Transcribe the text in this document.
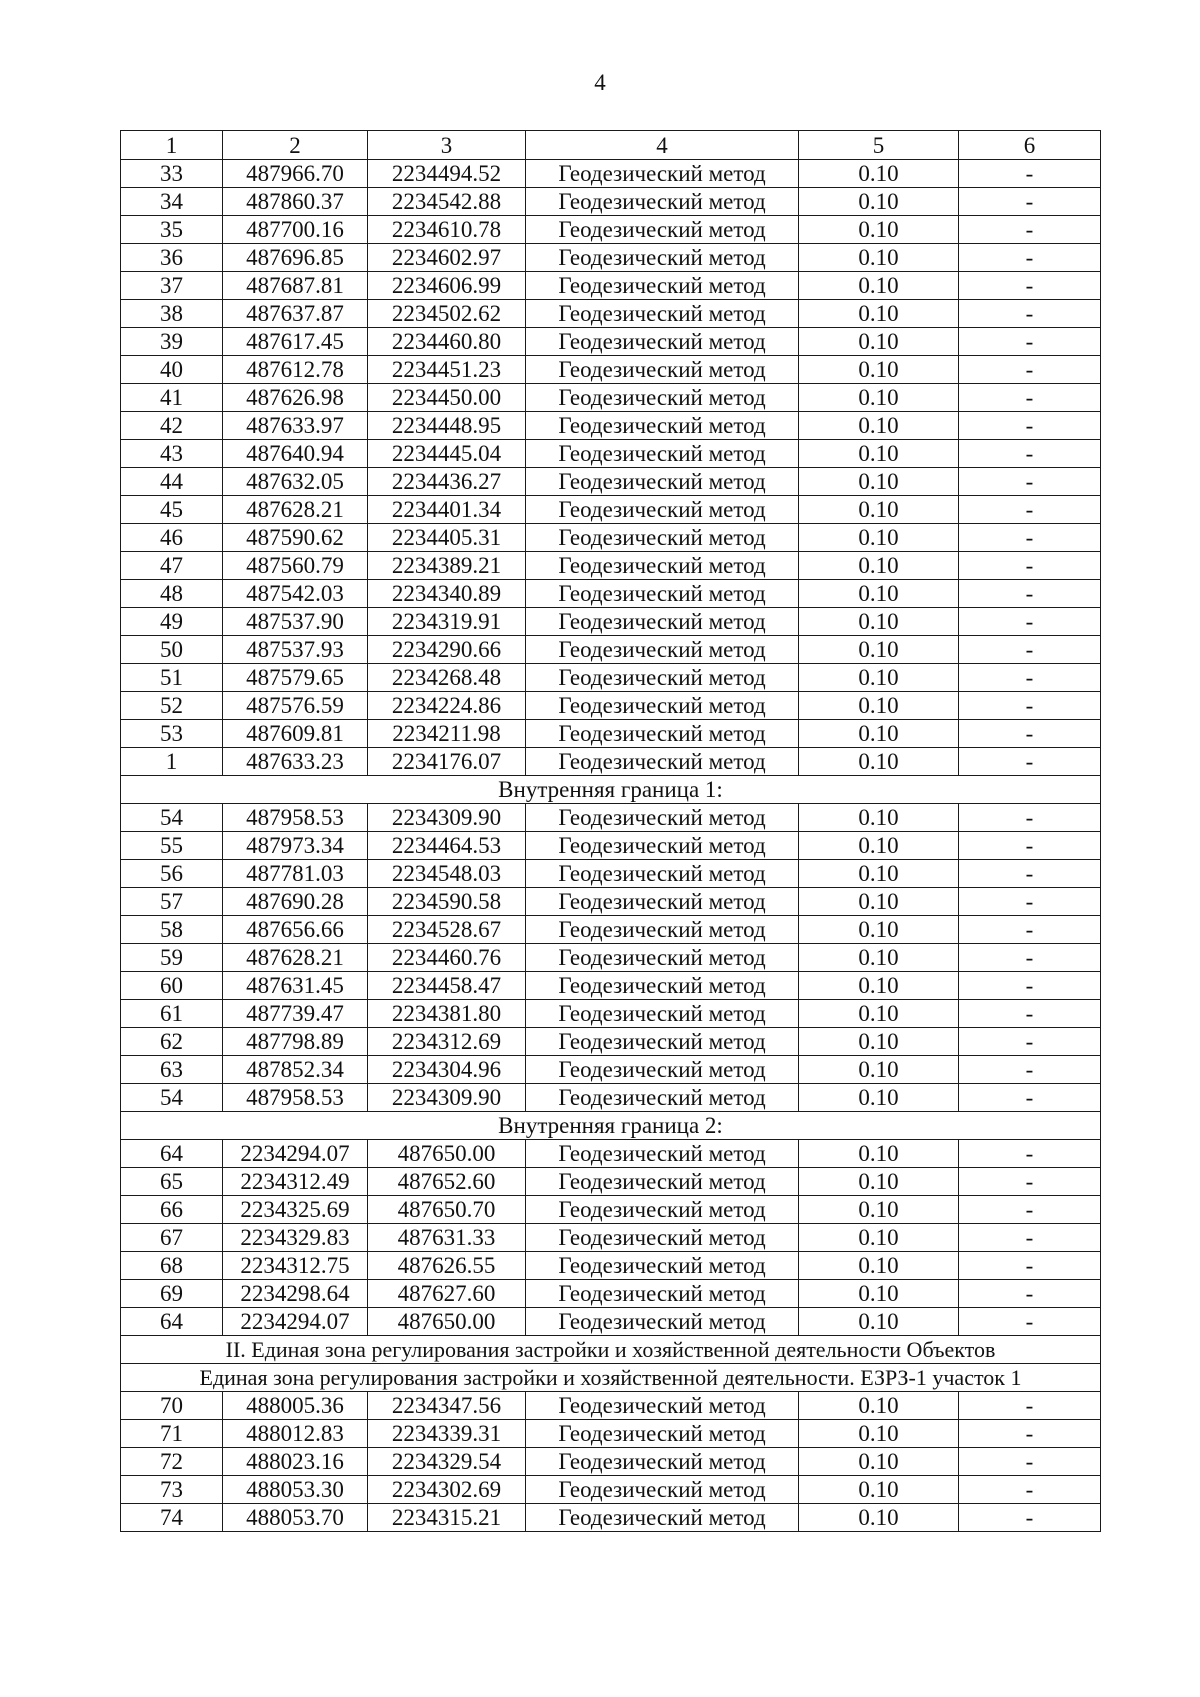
4
1	2	3	4	5	6
33	487966.70	2234494.52	Геодезический метод	0.10	-
34	487860.37	2234542.88	Геодезический метод	0.10	-
35	487700.16	2234610.78	Геодезический метод	0.10	-
36	487696.85	2234602.97	Геодезический метод	0.10	-
37	487687.81	2234606.99	Геодезический метод	0.10	-
38	487637.87	2234502.62	Геодезический метод	0.10	-
39	487617.45	2234460.80	Геодезический метод	0.10	-
40	487612.78	2234451.23	Геодезический метод	0.10	-
41	487626.98	2234450.00	Геодезический метод	0.10	-
42	487633.97	2234448.95	Геодезический метод	0.10	-
43	487640.94	2234445.04	Геодезический метод	0.10	-
44	487632.05	2234436.27	Геодезический метод	0.10	-
45	487628.21	2234401.34	Геодезический метод	0.10	-
46	487590.62	2234405.31	Геодезический метод	0.10	-
47	487560.79	2234389.21	Геодезический метод	0.10	-
48	487542.03	2234340.89	Геодезический метод	0.10	-
49	487537.90	2234319.91	Геодезический метод	0.10	-
50	487537.93	2234290.66	Геодезический метод	0.10	-
51	487579.65	2234268.48	Геодезический метод	0.10	-
52	487576.59	2234224.86	Геодезический метод	0.10	-
53	487609.81	2234211.98	Геодезический метод	0.10	-
1	487633.23	2234176.07	Геодезический метод	0.10	-
Внутренняя граница 1:					
54	487958.53	2234309.90	Геодезический метод	0.10	-
55	487973.34	2234464.53	Геодезический метод	0.10	-
56	487781.03	2234548.03	Геодезический метод	0.10	-
57	487690.28	2234590.58	Геодезический метод	0.10	-
58	487656.66	2234528.67	Геодезический метод	0.10	-
59	487628.21	2234460.76	Геодезический метод	0.10	-
60	487631.45	2234458.47	Геодезический метод	0.10	-
61	487739.47	2234381.80	Геодезический метод	0.10	-
62	487798.89	2234312.69	Геодезический метод	0.10	-
63	487852.34	2234304.96	Геодезический метод	0.10	-
54	487958.53	2234309.90	Геодезический метод	0.10	-
Внутренняя граница 2:					
64	2234294.07	487650.00	Геодезический метод	0.10	-
65	2234312.49	487652.60	Геодезический метод	0.10	-
66	2234325.69	487650.70	Геодезический метод	0.10	-
67	2234329.83	487631.33	Геодезический метод	0.10	-
68	2234312.75	487626.55	Геодезический метод	0.10	-
69	2234298.64	487627.60	Геодезический метод	0.10	-
64	2234294.07	487650.00	Геодезический метод	0.10	-
II. Единая зона регулирования застройки и хозяйственной деятельности Объектов					
Единая зона регулирования застройки и хозяйственной деятельности. ЕЗРЗ-1 участок 1					
70	488005.36	2234347.56	Геодезический метод	0.10	-
71	488012.83	2234339.31	Геодезический метод	0.10	-
72	488023.16	2234329.54	Геодезический метод	0.10	-
73	488053.30	2234302.69	Геодезический метод	0.10	-
74	488053.70	2234315.21	Геодезический метод	0.10	-
